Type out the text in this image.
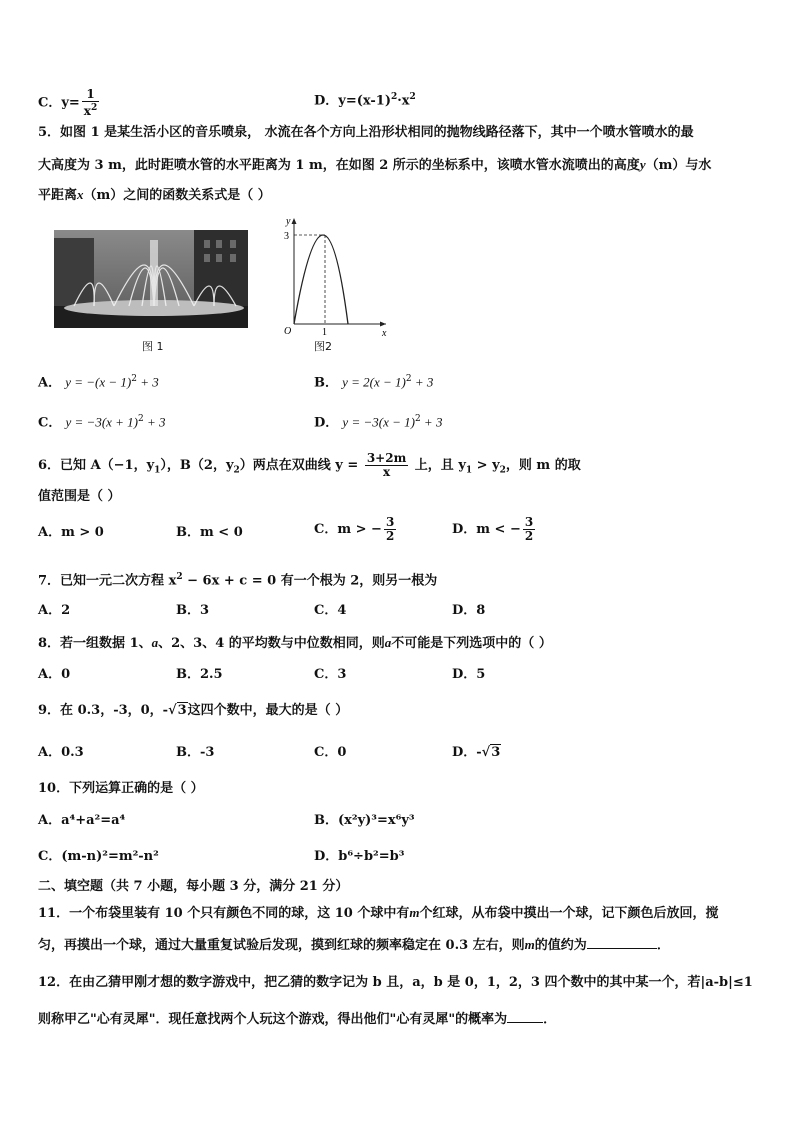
C．$y= \frac{1}{x^2}$	D．$y=(x-1)^2\cdot x^2$
5．如图 1 是某生活小区的音乐喷泉， 水流在各个方向上沿形状相同的抛物线路径落下，其中一个喷水管喷水的最
大高度为 3 m，此时距喷水管的水平距离为 1 m，在如图 2 所示的坐标系中，该喷水管水流喷出的高度y（m）与水
平距离x（m）之间的函数关系式是（ ）
图 1
y
x
O
3
1
图2
A． $y = -(x - 1)^2 + 3$	B． $y = 2(x - 1)^2 + 3$
C． $y = -3(x + 1)^2 + 3$	D． $y = -3(x - 1)^2 + 3$
6．已知 A（−1，$y_1$），B（2，$y_2$）两点在双曲线 $y = \frac{3+2m}{x}$ 上，且 $y_1 > y_2$，则 m 的取
值范围是（ ）
A．m > 0	B．m < 0	C．m > − $\frac{3}{2}$	D．m < − $\frac{3}{2}$
7．已知一元二次方程 $x^2 - 6x + c = 0$ 有一个根为 2，则另一根为
A．2	B．3	C．4	D．8
8．若一组数据 1、a、2、3、4 的平均数与中位数相同，则a不可能是下列选项中的（ ）
A．0	B．2.5	C．3	D．5
9．在 0.3，-3，0，-√3这四个数中，最大的是（ ）
A．0.3	B．-3	C．0	D．-√3
10．下列运算正确的是（ ）
A．a⁴+a²=a⁴	B．(x²y)³=x⁶y³
C．(m-n)²=m²-n²	D．b⁶÷b²=b³
二、填空题（共 7 小题，每小题 3 分，满分 21 分）
11．一个布袋里装有 10 个只有颜色不同的球，这 10 个球中有m个红球，从布袋中摸出一个球，记下颜色后放回，搅
匀，再摸出一个球，通过大量重复试验后发现，摸到红球的频率稳定在 0.3 左右，则m的值约为	．
12．在由乙猜甲刚才想的数字游戏中，把乙猜的数字记为 b 且，a，b 是 0，1，2，3 四个数中的其中某一个，若|a-b|≤1
则称甲乙"心有灵犀"．现任意找两个人玩这个游戏，得出他们"心有灵犀"的概率为	．
